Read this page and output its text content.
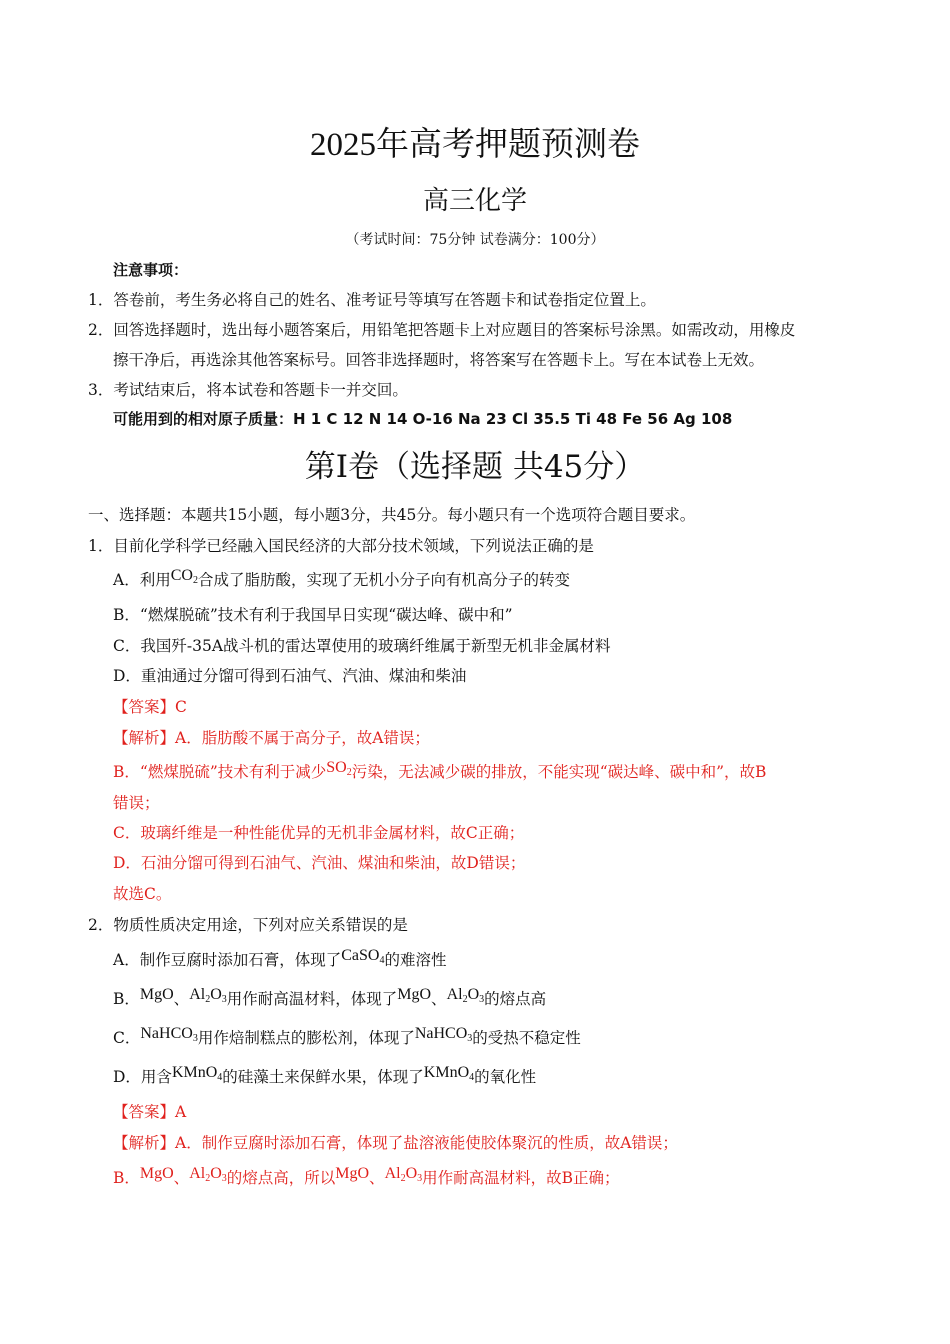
2025年高考押题预测卷
高三化学
（考试时间：75分钟 试卷满分：100分）
注意事项：
1．答卷前，考生务必将自己的姓名、准考证号等填写在答题卡和试卷指定位置上。
2．回答选择题时，选出每小题答案后，用铅笔把答题卡上对应题目的答案标号涂黑。如需改动，用橡皮
擦干净后，再选涂其他答案标号。回答非选择题时，将答案写在答题卡上。写在本试卷上无效。
3．考试结束后，将本试卷和答题卡一并交回。
可能用到的相对原子质量：H 1 C 12 N 14 O-16 Na 23 Cl 35.5 Ti 48 Fe 56 Ag 108
第Ⅰ卷（选择题 共45分）
一、选择题：本题共15小题，每小题3分，共45分。每小题只有一个选项符合题目要求。
1．目前化学科学已经融入国民经济的大部分技术领域，下列说法正确的是
A．利用$CO_2$合成了脂肪酸，实现了无机小分子向有机高分子的转变
B．“燃煤脱硫”技术有利于我国早日实现“碳达峰、碳中和”
C．我国歼-35A战斗机的雷达罩使用的玻璃纤维属于新型无机非金属材料
D．重油通过分馏可得到石油气、汽油、煤油和柴油
【答案】C
【解析】A．脂肪酸不属于高分子，故A错误；
B．“燃煤脱硫”技术有利于减少$SO_2$污染，无法减少碳的排放，不能实现“碳达峰、碳中和”，故B
错误；
C．玻璃纤维是一种性能优异的无机非金属材料，故C正确；
D．石油分馏可得到石油气、汽油、煤油和柴油，故D错误；
故选C。
2．物质性质决定用途，下列对应关系错误的是
A．制作豆腐时添加石膏，体现了CaSO$_4$的难溶性
B．MgO、$Al_2O_3$用作耐高温材料，体现了MgO、$Al_2O_3$的熔点高
C．NaHCO$_3$用作焙制糕点的膨松剂，体现了NaHCO$_3$的受热不稳定性
D．用含KMnO$_4$的硅藻土来保鲜水果，体现了KMnO$_4$的氧化性
【答案】A
【解析】A．制作豆腐时添加石膏，体现了盐溶液能使胶体聚沉的性质，故A错误；
B．MgO、$Al_2O_3$的熔点高，所以MgO、$Al_2O_3$用作耐高温材料，故B正确；
